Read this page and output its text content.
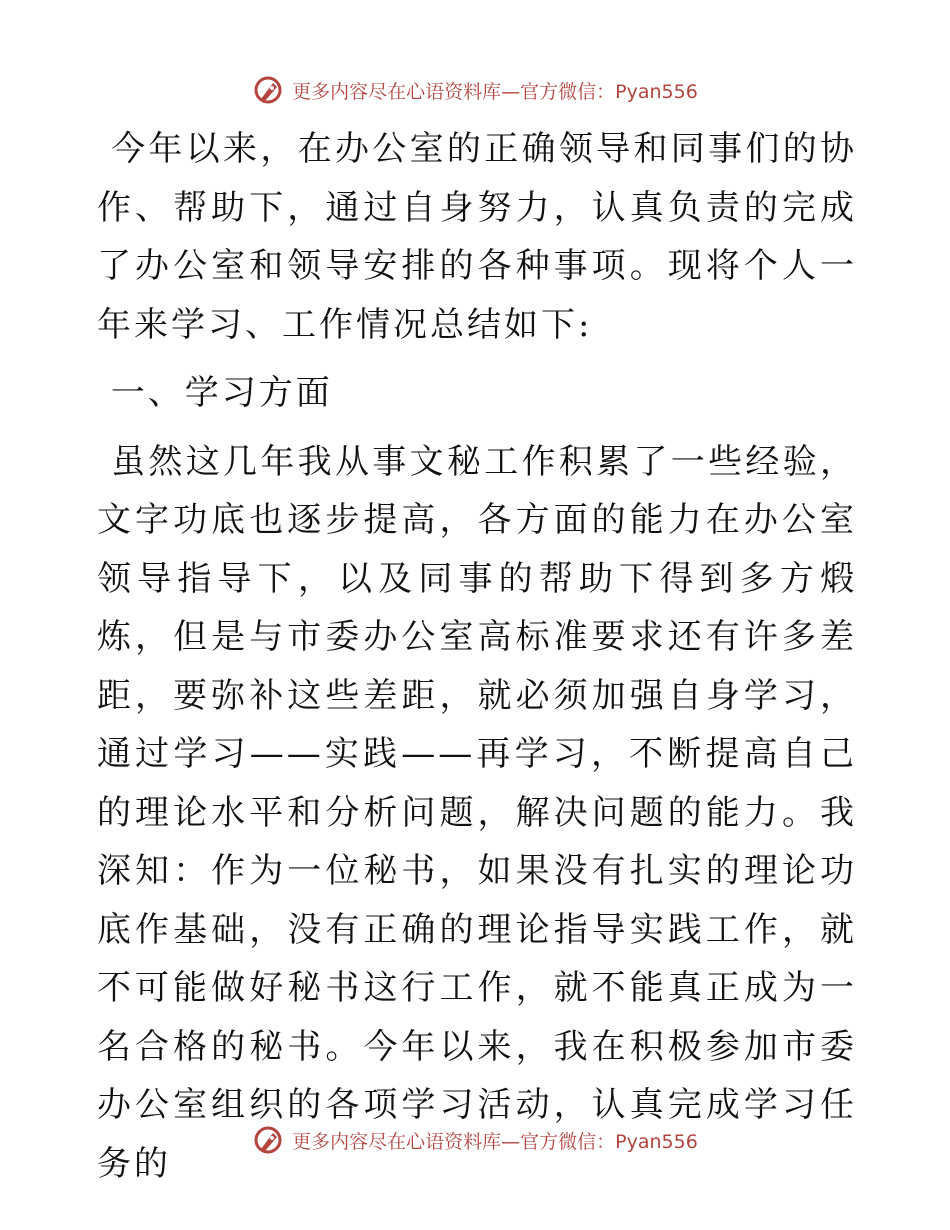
更多内容尽在心语资料库—官方微信：Pyan556

今年以来，在办公室的正确领导和同事们的协作、帮助下，通过自身努力，认真负责的完成了办公室和领导安排的各种事项。现将个人一年来学习、工作情况总结如下:

一、学习方面

虽然这几年我从事文秘工作积累了一些经验，文字功底也逐步提高，各方面的能力在办公室领导指导下，以及同事的帮助下得到多方煅炼，但是与市委办公室高标准要求还有许多差距，要弥补这些差距，就必须加强自身学习，通过学习——实践——再学习，不断提高自己的理论水平和分析问题，解决问题的能力。我深知：作为一位秘书，如果没有扎实的理论功底作基础，没有正确的理论指导实践工作，就不可能做好秘书这行工作，就不能真正成为一名合格的秘书。今年以来，我在积极参加市委办公室组织的各项学习活动，认真完成学习任务的

更多内容尽在心语资料库—官方微信：Pyan556
